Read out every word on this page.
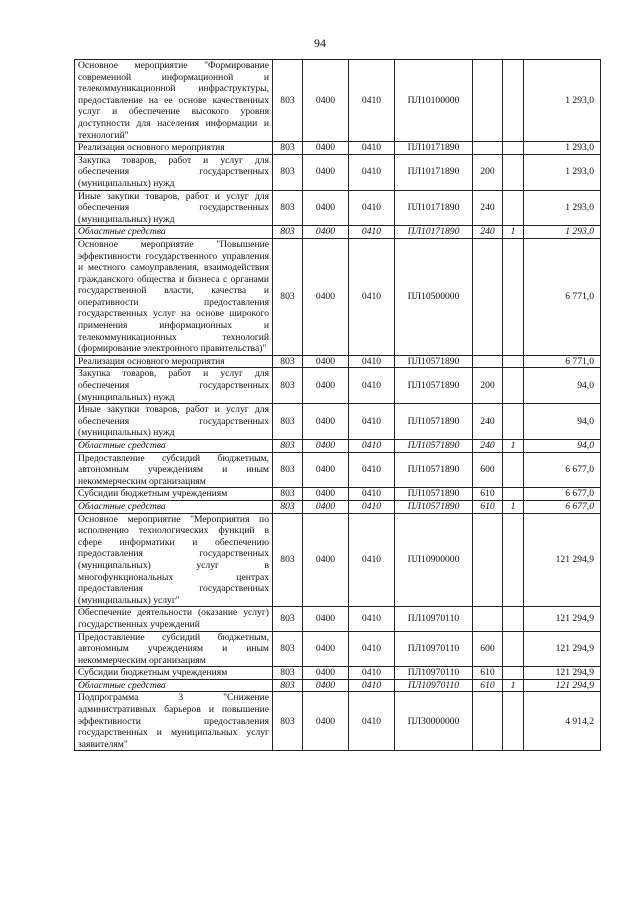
94
Основное мероприятие "Формирование современной информационной и телекоммуникационной инфраструктуры, предоставление на ее основе качественных услуг и обеспечение высокого уровня доступности для населения информации и технологий"	803	0400	0410	ПЛ10100000			1 293,0
Реализация основного мероприятия	803	0400	0410	ПЛ10171890			1 293,0
Закупка товаров, работ и услуг для обеспечения государственных (муниципальных) нужд	803	0400	0410	ПЛ10171890	200		1 293,0
Иные закупки товаров, работ и услуг для обеспечения государственных (муниципальных) нужд	803	0400	0410	ПЛ10171890	240		1 293,0
Областные средства	803	0400	0410	ПЛ10171890	240	1	1 293,0
Основное мероприятие "Повышение эффективности государственного управления и местного самоуправления, взаимодействия гражданского общества и бизнеса с органами государственной власти, качества и оперативности предоставления государственных услуг на основе широкого применения информационных и телекоммуникационных технологий (формирование электронного правительства)"	803	0400	0410	ПЛ10500000			6 771,0
Реализация основного мероприятия	803	0400	0410	ПЛ10571890			6 771,0
Закупка товаров, работ и услуг для обеспечения государственных (муниципальных) нужд	803	0400	0410	ПЛ10571890	200		94,0
Иные закупки товаров, работ и услуг для обеспечения государственных (муниципальных) нужд	803	0400	0410	ПЛ10571890	240		94,0
Областные средства	803	0400	0410	ПЛ10571890	240	1	94,0
Предоставление субсидий бюджетным, автономным учреждениям и иным некоммерческим организациям	803	0400	0410	ПЛ10571890	600		6 677,0
Субсидии бюджетным учреждениям	803	0400	0410	ПЛ10571890	610		6 677,0
Областные средства	803	0400	0410	ПЛ10571890	610	1	6 677,0
Основное мероприятие "Мероприятия по исполнению технологических функций в сфере информатики и обеспечению предоставления государственных (муниципальных) услуг в многофункциональных центрах предоставления государственных (муниципальных) услуг"	803	0400	0410	ПЛ10900000			121 294,9
Обеспечение деятельности (оказание услуг) государственных учреждений	803	0400	0410	ПЛ10970110			121 294,9
Предоставление субсидий бюджетным, автономным учреждениям и иным некоммерческим организациям	803	0400	0410	ПЛ10970110	600		121 294,9
Субсидии бюджетным учреждениям	803	0400	0410	ПЛ10970110	610		121 294,9
Областные средства	803	0400	0410	ПЛ10970110	610	1	121 294,9
Подпрограмма 3 "Снижение административных барьеров и повышение эффективности предоставления государственных и муниципальных услуг заявителям"	803	0400	0410	ПЛ30000000			4 914,2
